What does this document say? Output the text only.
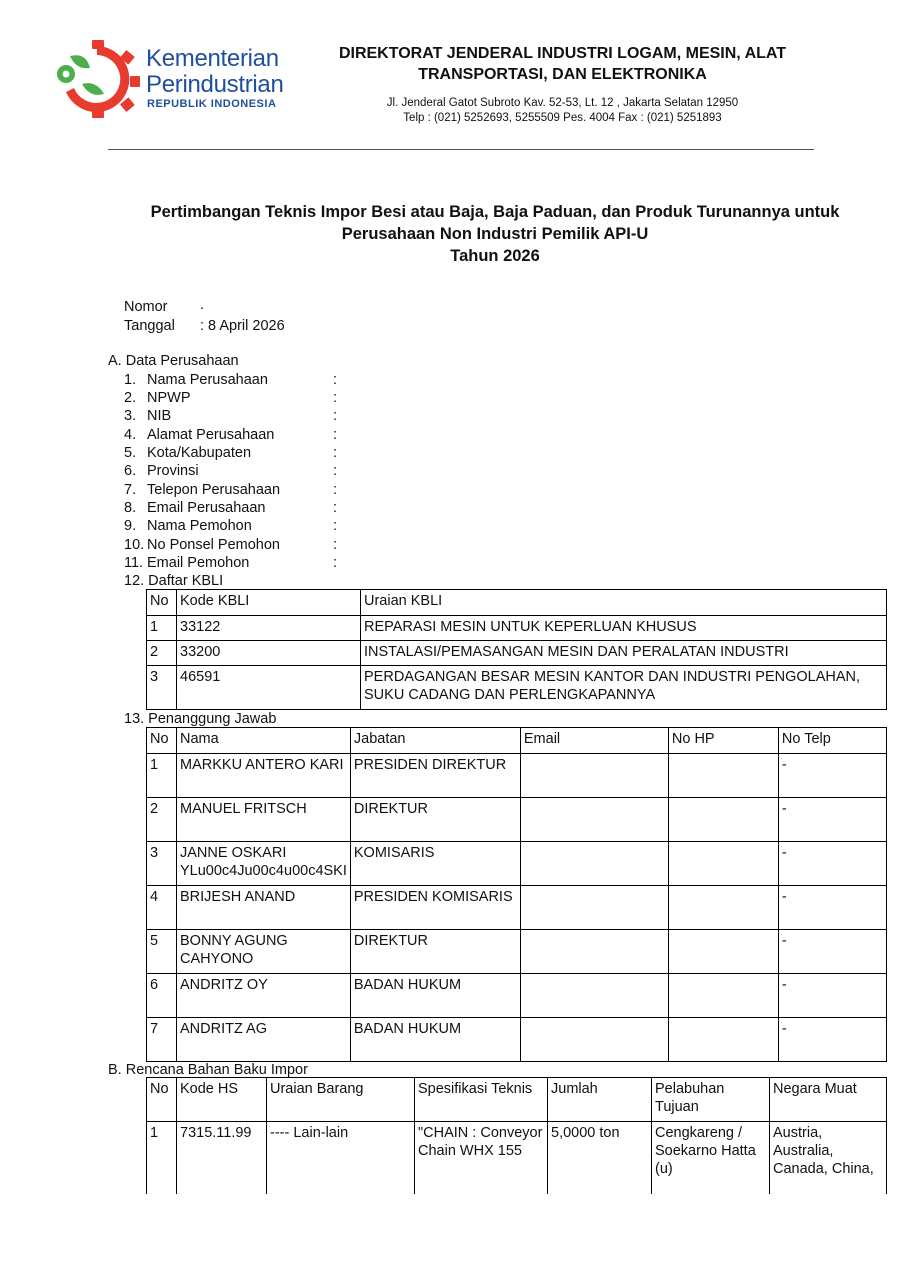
Kementerian
Perindustrian
REPUBLIK INDONESIA
DIREKTORAT JENDERAL INDUSTRI LOGAM, MESIN, ALAT
TRANSPORTASI, DAN ELEKTRONIKA
Jl. Jenderal Gatot Subroto Kav. 52-53, Lt. 12 , Jakarta Selatan 12950
Telp : (021) 5252693, 5255509 Pes. 4004 Fax : (021) 5251893
Pertimbangan Teknis Impor Besi atau Baja, Baja Paduan, dan Produk Turunannya untuk
Perusahaan Non Industri Pemilik API-U
Tahun 2026
Nomor .
Tanggal : 8 April 2026
A. Data Perusahaan
1. Nama Perusahaan	:
2. NPWP	:
3. NIB	:
4. Alamat Perusahaan	:
5. Kota/Kabupaten	:
6. Provinsi	:
7. Telepon Perusahaan	:
8. Email Perusahaan	:
9. Nama Pemohon	:
10. No Ponsel Pemohon	:
11. Email Pemohon	:
12. Daftar KBLI
No	Kode KBLI	Uraian KBLI
1	33122	REPARASI MESIN UNTUK KEPERLUAN KHUSUS
2	33200	INSTALASI/PEMASANGAN MESIN DAN PERALATAN INDUSTRI
3	46591	PERDAGANGAN BESAR MESIN KANTOR DAN INDUSTRI PENGOLAHAN, SUKU CADANG DAN PERLENGKAPANNYA
13. Penanggung Jawab
No	Nama	Jabatan	Email	No HP	No Telp
1	MARKKU ANTERO KARI	PRESIDEN DIREKTUR			-
2	MANUEL FRITSCH	DIREKTUR			-
3	JANNE OSKARI YLu00c4Ju00c4u00c4SKI	KOMISARIS			-
4	BRIJESH ANAND	PRESIDEN KOMISARIS			-
5	BONNY AGUNG CAHYONO	DIREKTUR			-
6	ANDRITZ OY	BADAN HUKUM			-
7	ANDRITZ AG	BADAN HUKUM			-
B. Rencana Bahan Baku Impor
No	Kode HS	Uraian Barang	Spesifikasi Teknis	Jumlah	Pelabuhan Tujuan	Negara Muat
1	7315.11.99	---- Lain-lain	"CHAIN : Conveyor Chain WHX 155	5,0000 ton	Cengkareng / Soekarno Hatta (u)	Austria, Australia, Canada, China,
